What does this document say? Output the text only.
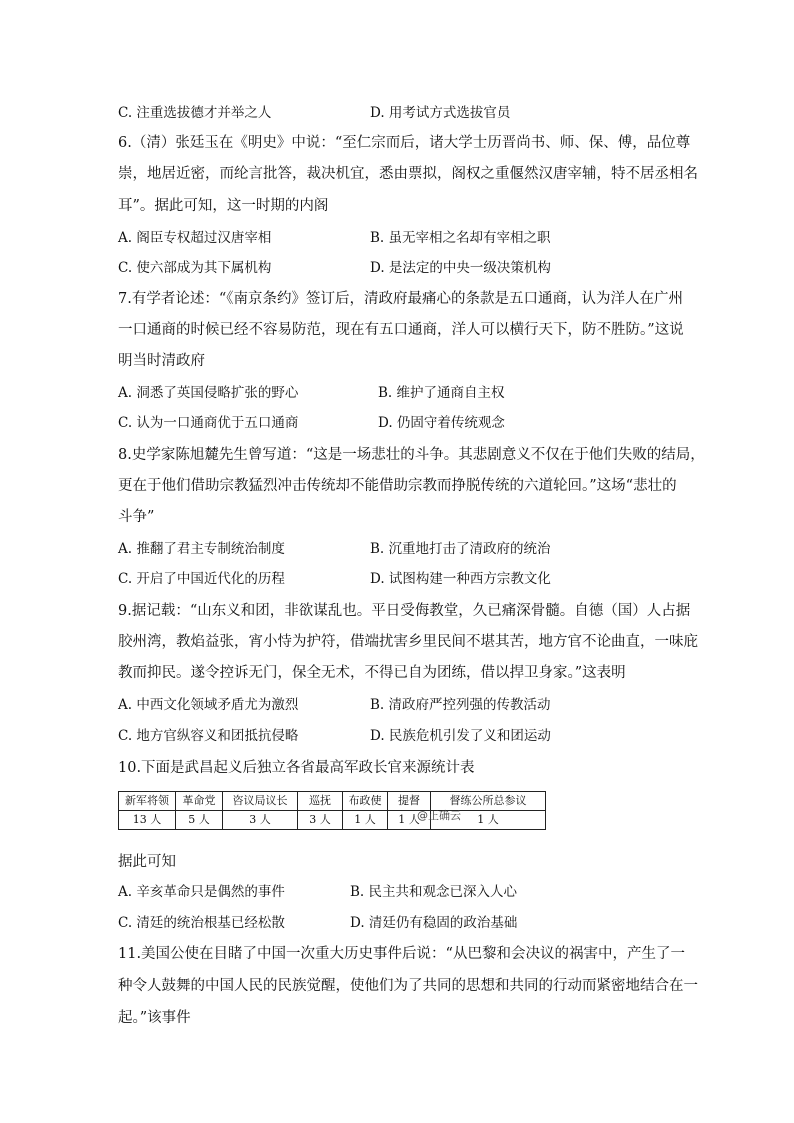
C. 注重选拔德才并举之人	D. 用考试方式选拔官员
6.（清）张廷玉在《明史》中说：“至仁宗而后，诸大学士历晋尚书、师、保、傅，品位尊
崇，地居近密，而纶言批答，裁决机宜，悉由票拟，阁权之重偃然汉唐宰辅，特不居丞相名
耳”。据此可知，这一时期的内阁
A. 阁臣专权超过汉唐宰相	B. 虽无宰相之名却有宰相之职
C. 使六部成为其下属机构	D. 是法定的中央一级决策机构
7.有学者论述：“《南京条约》签订后，清政府最痛心的条款是五口通商，认为洋人在广州
一口通商的时候已经不容易防范，现在有五口通商，洋人可以横行天下，防不胜防。”这说
明当时清政府
A. 洞悉了英国侵略扩张的野心	B. 维护了通商自主权
C. 认为一口通商优于五口通商	D. 仍固守着传统观念
8.史学家陈旭麓先生曾写道：“这是一场悲壮的斗争。其悲剧意义不仅在于他们失败的结局，
更在于他们借助宗教猛烈冲击传统却不能借助宗教而挣脱传统的六道轮回。”这场“悲壮的
斗争”
A. 推翻了君主专制统治制度	B. 沉重地打击了清政府的统治
C. 开启了中国近代化的历程	D. 试图构建一种西方宗教文化
9.据记载：“山东义和团，非欲谋乱也。平日受侮教堂，久已痛深骨髓。自德（国）人占据
胶州湾，教焰益张，宵小恃为护符，借端扰害乡里民间不堪其苦，地方官不论曲直，一味庇
教而抑民。遂令控诉无门，保全无术，不得已自为团练，借以捍卫身家。”这表明
A. 中西文化领域矛盾尤为激烈	B. 清政府严控列强的传教活动
C. 地方官纵容义和团抵抗侵略	D. 民族危机引发了义和团运动
10.下面是武昌起义后独立各省最高军政长官来源统计表
新军将领	革命党	咨议局议长	巡抚	布政使	提督	督练公所总参议
13 人	5 人	3 人	3 人	1 人	1 人	1 人
@正确云
据此可知
A. 辛亥革命只是偶然的事件	B. 民主共和观念已深入人心
C. 清廷的统治根基已经松散	D. 清廷仍有稳固的政治基础
11.美国公使在目睹了中国一次重大历史事件后说：“从巴黎和会决议的祸害中，产生了一
种令人鼓舞的中国人民的民族觉醒，使他们为了共同的思想和共同的行动而紧密地结合在一
起。”该事件
